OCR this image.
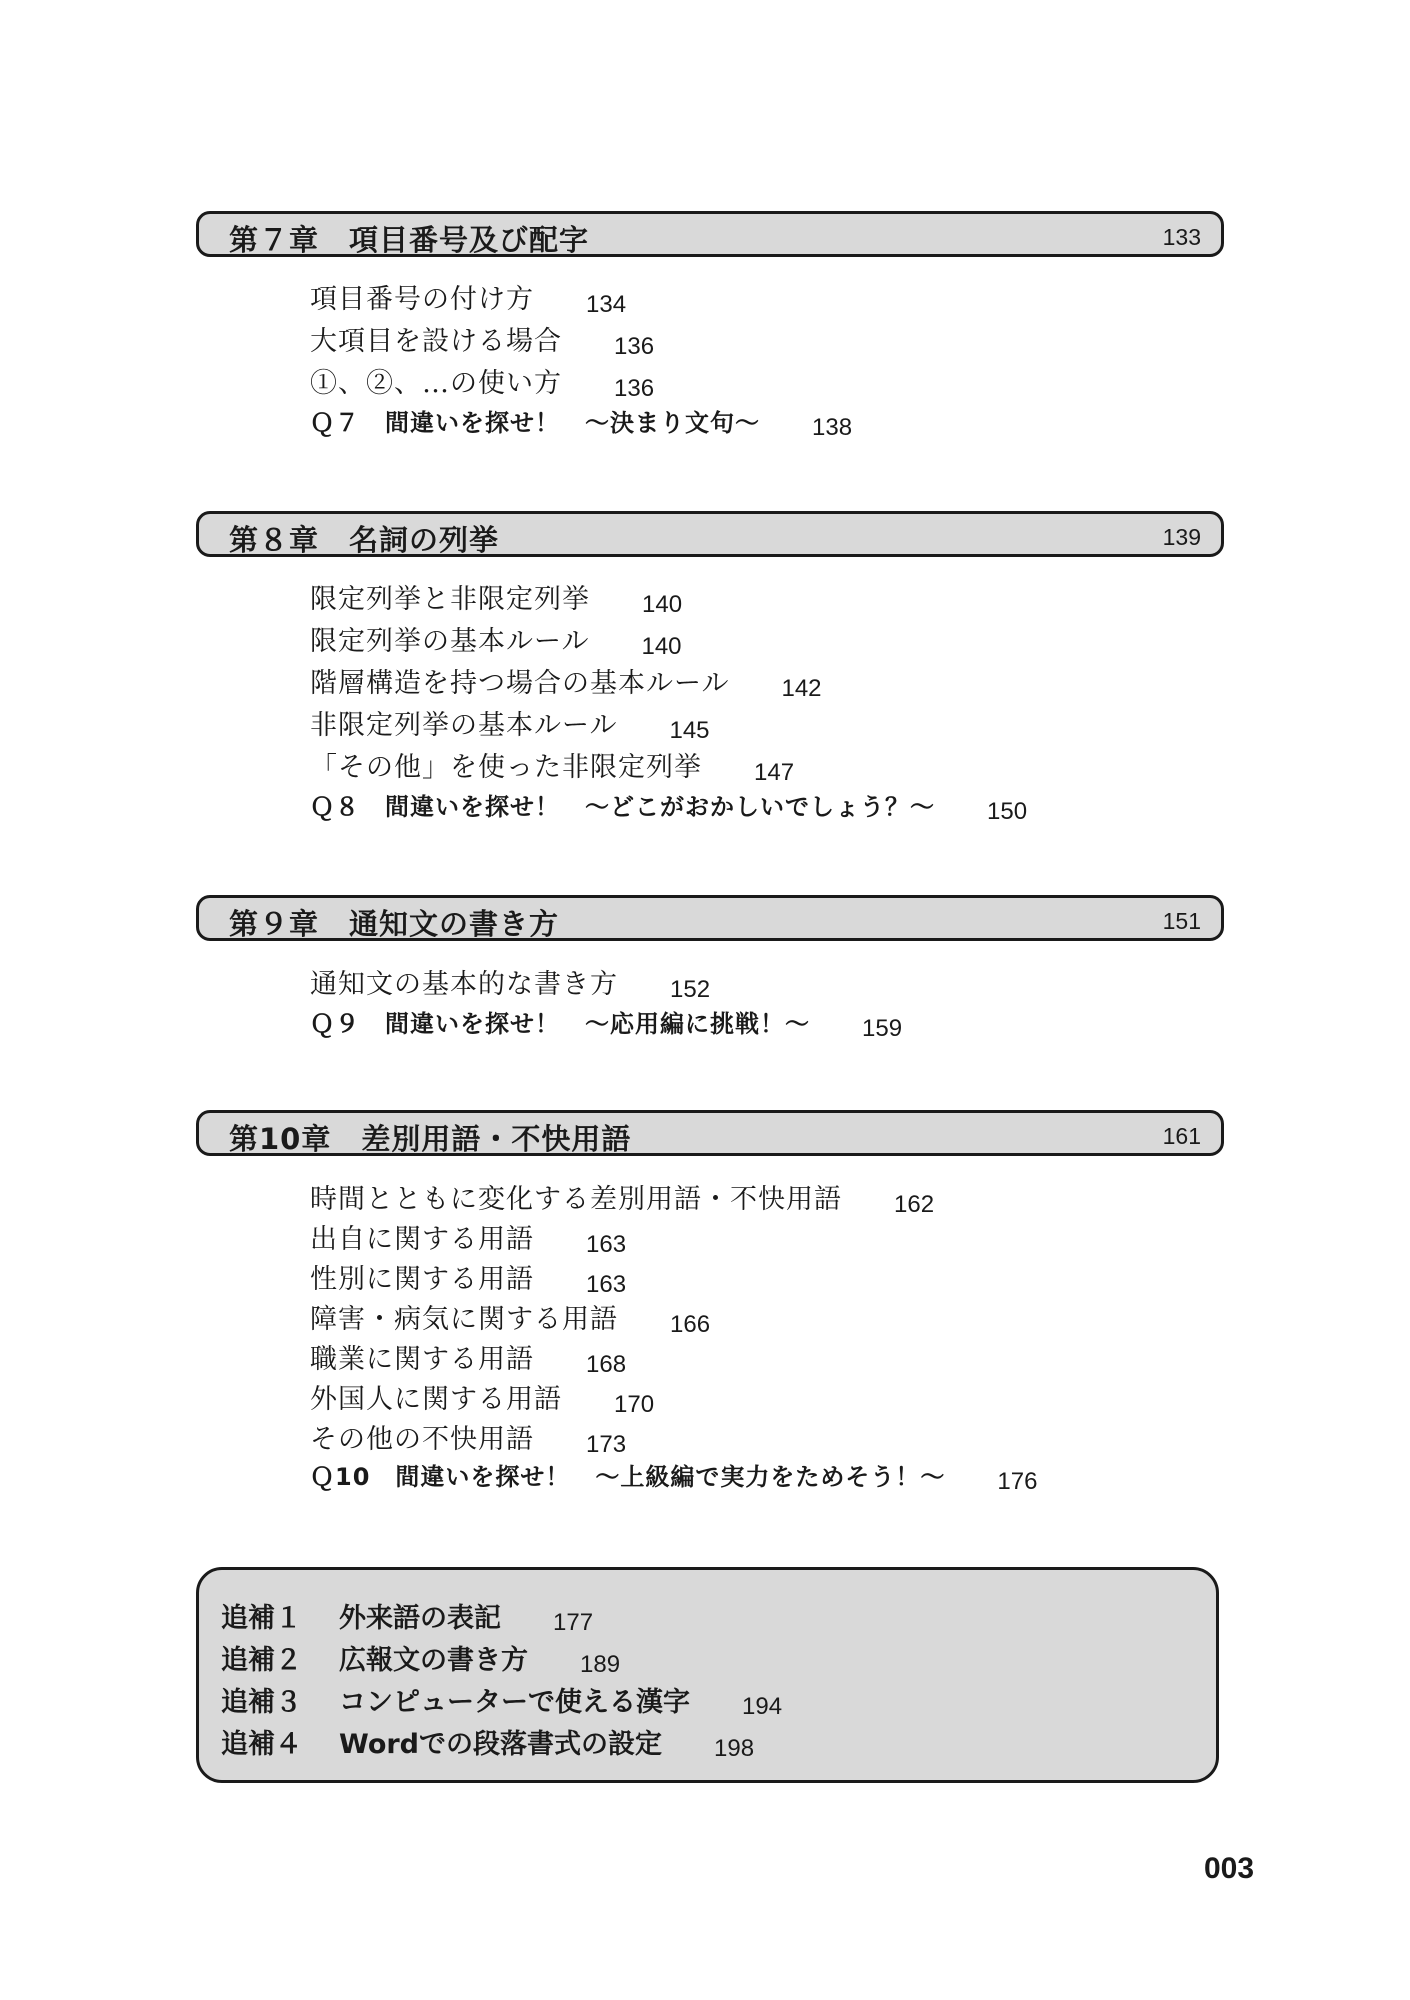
第７章　項目番号及び配字	133
項目番号の付け方 134
大項目を設ける場合 136
①、②、…の使い方 136
Ｑ７　間違いを探せ！　～決まり文句～ 138
第８章　名詞の列挙	139
限定列挙と非限定列挙 140
限定列挙の基本ルール 140
階層構造を持つ場合の基本ルール 142
非限定列挙の基本ルール 145
「その他」を使った非限定列挙 147
Ｑ８　間違いを探せ！　～どこがおかしいでしょう？～ 150
第９章　通知文の書き方	151
通知文の基本的な書き方 152
Ｑ９　間違いを探せ！　～応用編に挑戦！～ 159
第10章　差別用語・不快用語	161
時間とともに変化する差別用語・不快用語 162
出自に関する用語 163
性別に関する用語 163
障害・病気に関する用語 166
職業に関する用語 168
外国人に関する用語 170
その他の不快用語 173
Ｑ10　間違いを探せ！　～上級編で実力をためそう！～ 176
追補１ 外来語の表記 177
追補２ 広報文の書き方 189
追補３ コンピューターで使える漢字 194
追補４ Wordでの段落書式の設定 198
003
